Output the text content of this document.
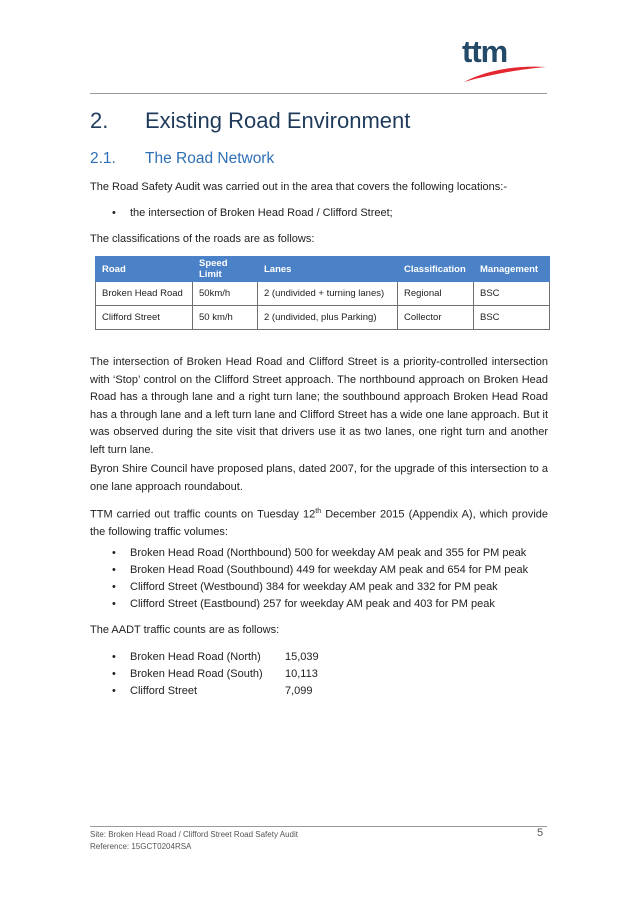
ttm
2. Existing Road Environment
2.1. The Road Network

The Road Safety Audit was carried out in the area that covers the following locations:-

• the intersection of Broken Head Road / Clifford Street;

The classifications of the roads are as follows:

Road	Speed Limit	Lanes	Classification	Management
Broken Head Road	50km/h	2 (undivided + turning lanes)	Regional	BSC
Clifford Street	50 km/h	2 (undivided, plus Parking)	Collector	BSC

The intersection of Broken Head Road and Clifford Street is a priority-controlled intersection with ‘Stop’ control on the Clifford Street approach. The northbound approach on Broken Head Road has a through lane and a right turn lane; the southbound approach Broken Head Road has a through lane and a left turn lane and Clifford Street has a wide one lane approach. But it was observed during the site visit that drivers use it as two lanes, one right turn and another left turn lane.

Byron Shire Council have proposed plans, dated 2007, for the upgrade of this intersection to a one lane approach roundabout.

TTM carried out traffic counts on Tuesday 12th December 2015 (Appendix A), which provide the following traffic volumes:

• Broken Head Road (Northbound) 500 for weekday AM peak and 355 for PM peak
• Broken Head Road (Southbound) 449 for weekday AM peak and 654 for PM peak
• Clifford Street (Westbound) 384 for weekday AM peak and 332 for PM peak
• Clifford Street (Eastbound) 257 for weekday AM peak and 403 for PM peak

The AADT traffic counts are as follows:

• Broken Head Road (North) 15,039
• Broken Head Road (South) 10,113
• Clifford Street	7,099
Site: Broken Head Road / Clifford Street Road Safety Audit
Reference: 15GCT0204RSA
5
